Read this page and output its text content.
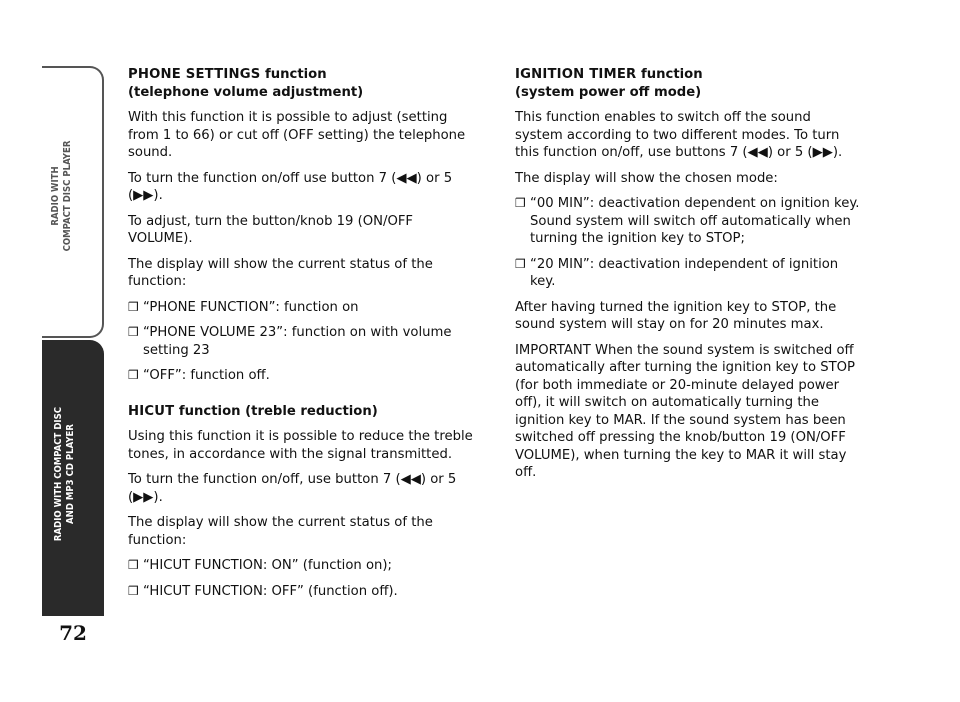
RADIO WITH COMPACT DISC PLAYER
RADIO WITH COMPACT DISC AND MP3 CD PLAYER
72
PHONE SETTINGS function
(telephone volume adjustment)

With this function it is possible to adjust (setting from 1 to 66) or cut off (OFF setting) the telephone sound.

To turn the function on/off use button 7 (◀◀) or 5 (▶▶).

To adjust, turn the button/knob 19 (ON/OFF VOLUME).

The display will show the current status of the function:

❒ “PHONE FUNCTION”: function on
❒ “PHONE VOLUME 23”: function on with volume setting 23
❒ “OFF”: function off.
HICUT function (treble reduction)

Using this function it is possible to reduce the treble tones, in accordance with the signal transmitted.

To turn the function on/off, use button 7 (◀◀) or 5 (▶▶).

The display will show the current status of the function:

❒ “HICUT FUNCTION: ON” (function on);
❒ “HICUT FUNCTION: OFF” (function off).
IGNITION TIMER function
(system power off mode)

This function enables to switch off the sound system according to two different modes. To turn this function on/off, use buttons 7 (◀◀) or 5 (▶▶).

The display will show the chosen mode:

❒ “00 MIN”: deactivation dependent on ignition key. Sound system will switch off automatically when turning the ignition key to STOP;
❒ “20 MIN”: deactivation independent of ignition key.

After having turned the ignition key to STOP, the sound system will stay on for 20 minutes max.

IMPORTANT When the sound system is switched off automatically after turning the ignition key to STOP (for both immediate or 20-minute delayed power off), it will switch on automatically turning the ignition key to MAR. If the sound system has been switched off pressing the knob/button 19 (ON/OFF VOLUME), when turning the key to MAR it will stay off.
